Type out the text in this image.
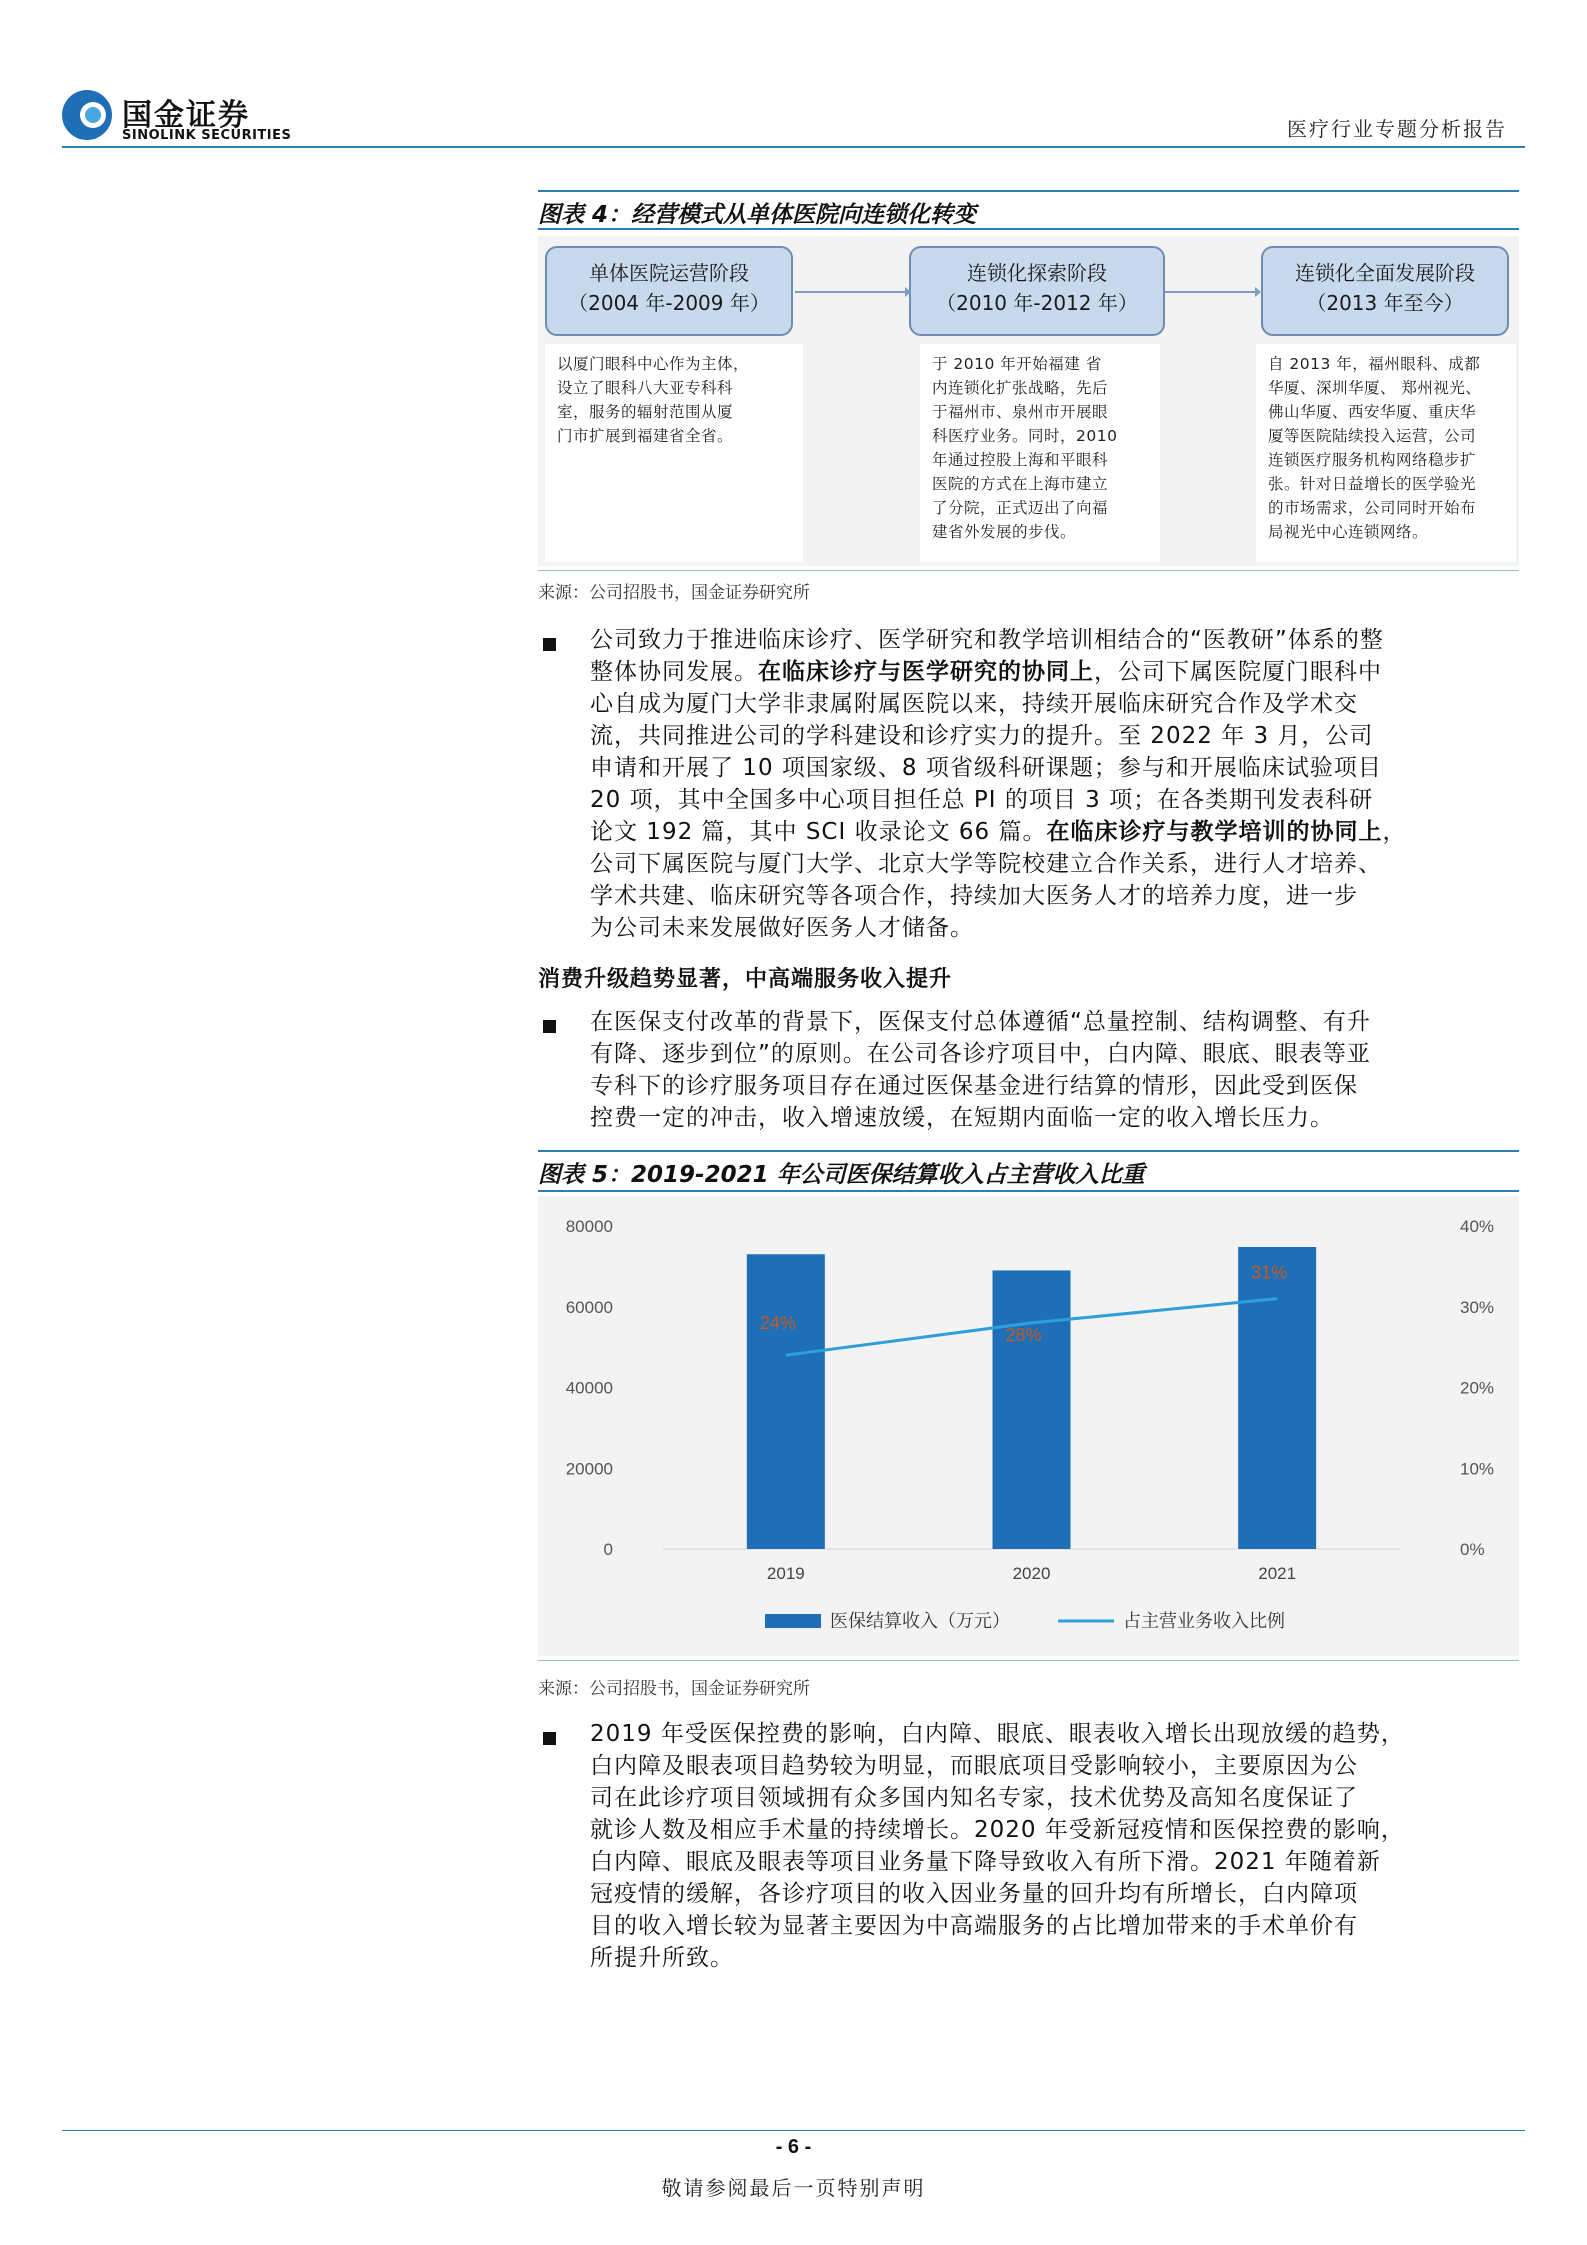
国金证券
SINOLINK SECURITIES	医疗行业专题分析报告
图表 4：经营模式从单体医院向连锁化转变
单体医院运营阶段
（2004 年-2009 年）
连锁化探索阶段
（2010 年-2012 年）
连锁化全面发展阶段
（2013 年至今）
以厦门眼科中心作为主体，
设立了眼科八大亚专科科
室，服务的辐射范围从厦
门市扩展到福建省全省。
于 2010 年开始福建 省
内连锁化扩张战略，先后
于福州市、泉州市开展眼
科医疗业务。同时，2010
年通过控股上海和平眼科
医院的方式在上海市建立
了分院，正式迈出了向福
建省外发展的步伐。
自 2013 年，福州眼科、成都
华厦、深圳华厦、 郑州视光、
佛山华厦、西安华厦、重庆华
厦等医院陆续投入运营，公司
连锁医疗服务机构网络稳步扩
张。针对日益增长的医学验光
的市场需求，公司同时开始布
局视光中心连锁网络。
来源：公司招股书，国金证券研究所
公司致力于推进临床诊疗、医学研究和教学培训相结合的“医教研”体系的整
整体协同发展。在临床诊疗与医学研究的协同上，公司下属医院厦门眼科中
心自成为厦门大学非隶属附属医院以来，持续开展临床研究合作及学术交
流，共同推进公司的学科建设和诊疗实力的提升。至 2022 年 3 月，公司
申请和开展了 10 项国家级、8 项省级科研课题；参与和开展临床试验项目
20 项，其中全国多中心项目担任总 PI 的项目 3 项；在各类期刊发表科研
论文 192 篇，其中 SCI 收录论文 66 篇。在临床诊疗与教学培训的协同上，
公司下属医院与厦门大学、北京大学等院校建立合作关系，进行人才培养、
学术共建、临床研究等各项合作，持续加大医务人才的培养力度，进一步
为公司未来发展做好医务人才储备。
消费升级趋势显著，中高端服务收入提升
在医保支付改革的背景下，医保支付总体遵循“总量控制、结构调整、有升
有降、逐步到位”的原则。在公司各诊疗项目中，白内障、眼底、眼表等亚
专科下的诊疗服务项目存在通过医保基金进行结算的情形，因此受到医保
控费一定的冲击，收入增速放缓，在短期内面临一定的收入增长压力。
图表 5：2019-2021 年公司医保结算收入占主营收入比重
0
20000
40000
60000
80000
0%
10%
20%
30%
40%
2019	2020	2021
24%
28%
31%
医保结算收入（万元）	占主营业务收入比例
来源：公司招股书，国金证券研究所
2019 年受医保控费的影响，白内障、眼底、眼表收入增长出现放缓的趋势，
白内障及眼表项目趋势较为明显，而眼底项目受影响较小，主要原因为公
司在此诊疗项目领域拥有众多国内知名专家，技术优势及高知名度保证了
就诊人数及相应手术量的持续增长。2020 年受新冠疫情和医保控费的影响，
白内障、眼底及眼表等项目业务量下降导致收入有所下滑。2021 年随着新
冠疫情的缓解，各诊疗项目的收入因业务量的回升均有所增长，白内障项
目的收入增长较为显著主要因为中高端服务的占比增加带来的手术单价有
所提升所致。
- 6 -
敬请参阅最后一页特别声明
